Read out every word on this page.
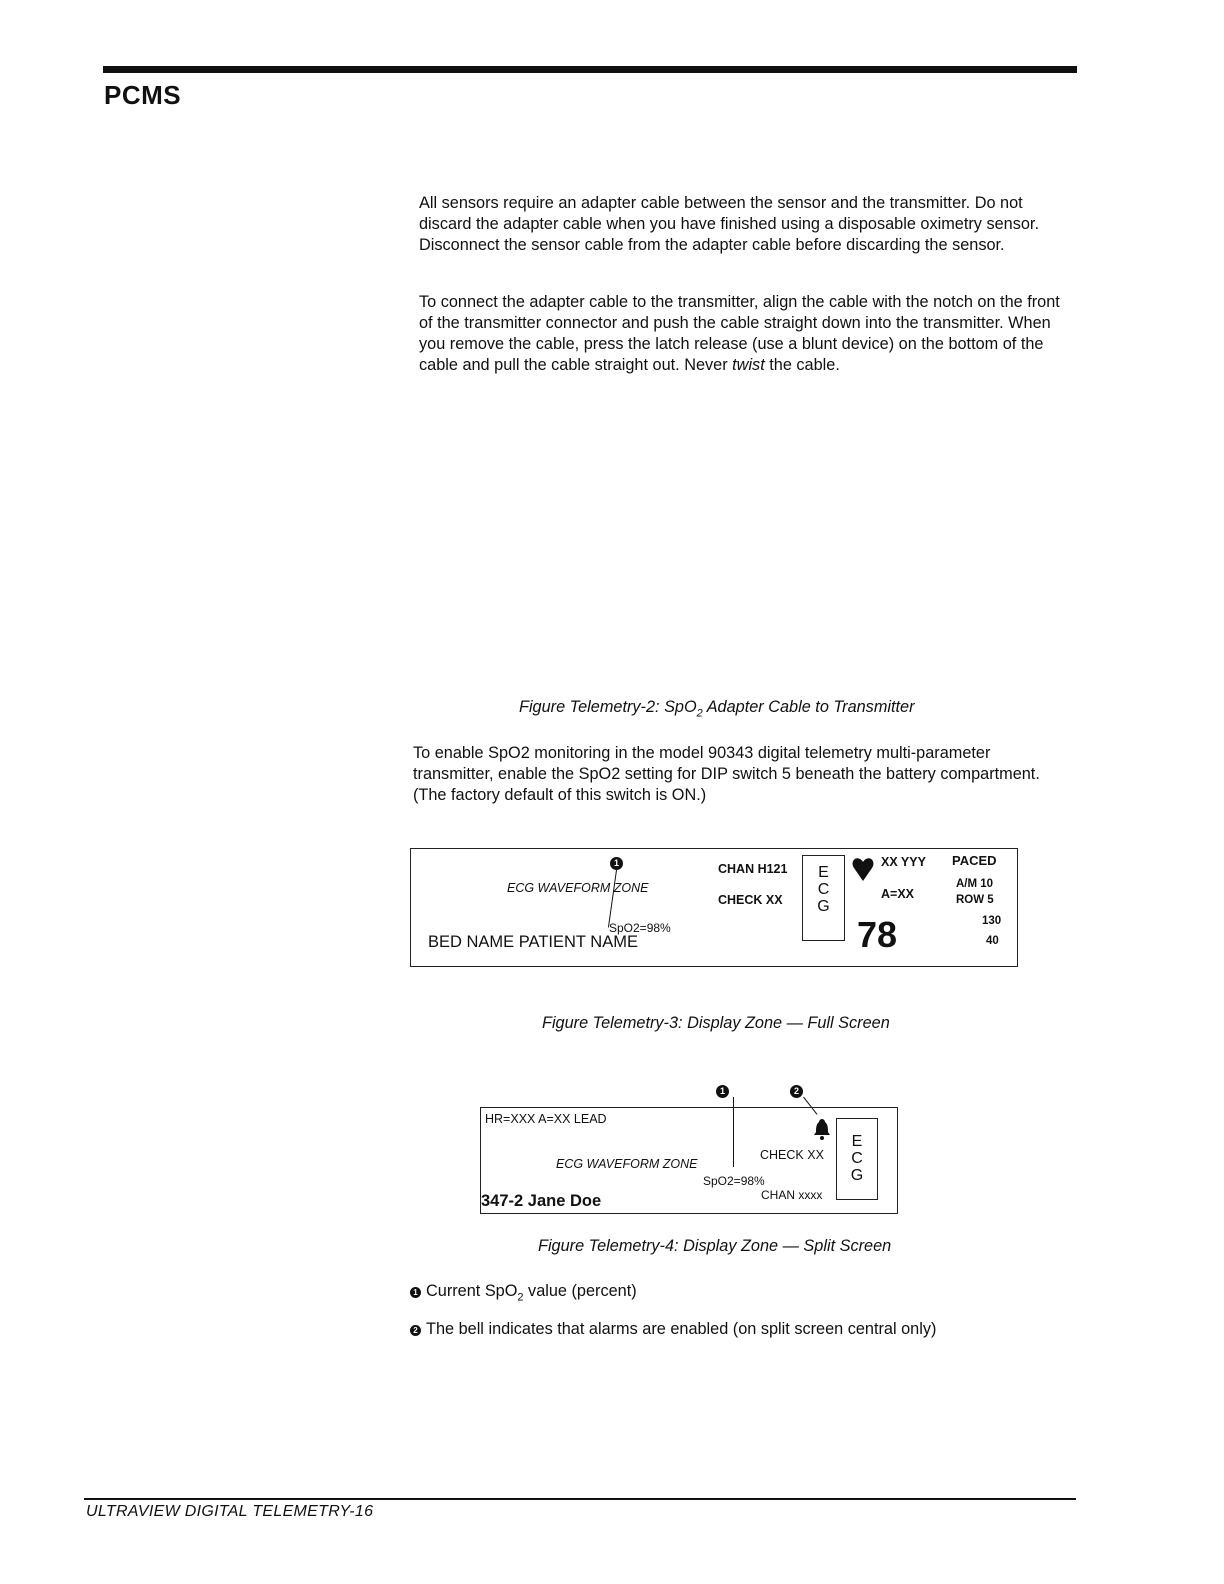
PCMS

All sensors require an adapter cable between the sensor and the transmitter. Do not discard the adapter cable when you have finished using a disposable oximetry sensor. Disconnect the sensor cable from the adapter cable before discarding the sensor.

To connect the adapter cable to the transmitter, align the cable with the notch on the front of the transmitter connector and push the cable straight down into the transmitter. When you remove the cable, press the latch release (use a blunt device) on the bottom of the cable and pull the cable straight out. Never twist the cable.

Figure Telemetry-2: SpO$_2$ Adapter Cable to Transmitter

To enable SpO2 monitoring in the model 90343 digital telemetry multi-parameter transmitter, enable the SpO2 setting for DIP switch 5 beneath the battery compartment. (The factory default of this switch is ON.)

1
ECG WAVEFORM ZONE
SpO2=98%
BED NAME PATIENT NAME
CHAN H121
CHECK XX
E
C
G
XX YYY
A=XX
78
PACED
A/M 10
ROW 5
130
40

Figure Telemetry-3: Display Zone — Full Screen

1	2
HR=XXX A=XX LEAD
ECG WAVEFORM ZONE
SpO2=98%
347-2 Jane Doe
CHECK XX
CHAN xxxx
E
C
G

Figure Telemetry-4: Display Zone — Split Screen

1 Current SpO$_2$ value (percent)

2 The bell indicates that alarms are enabled (on split screen central only)

ULTRAVIEW DIGITAL TELEMETRY-16
